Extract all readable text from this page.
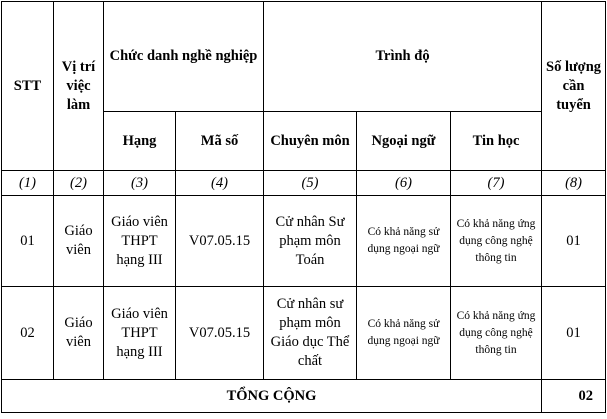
STT	Vị trí việc làm	Chức danh nghề nghiệp		Trình độ			Số lượng cần tuyển
		Hạng	Mã số	Chuyên môn	Ngoại ngữ	Tin học	
(1)	(2)	(3)	(4)	(5)	(6)	(7)	(8)
01	Giáo viên	Giáo viên THPT hạng III	V07.05.15	Cử nhân Sư phạm môn Toán	Có khả năng sử dụng ngoại ngữ	Có khả năng ứng dụng công nghệ thông tin	01
02	Giáo viên	Giáo viên THPT hạng III	V07.05.15	Cử nhân sư phạm môn Giáo dục Thể chất	Có khả năng sử dụng ngoại ngữ	Có khả năng ứng dụng công nghệ thông tin	01
TỔNG CỘNG							02
